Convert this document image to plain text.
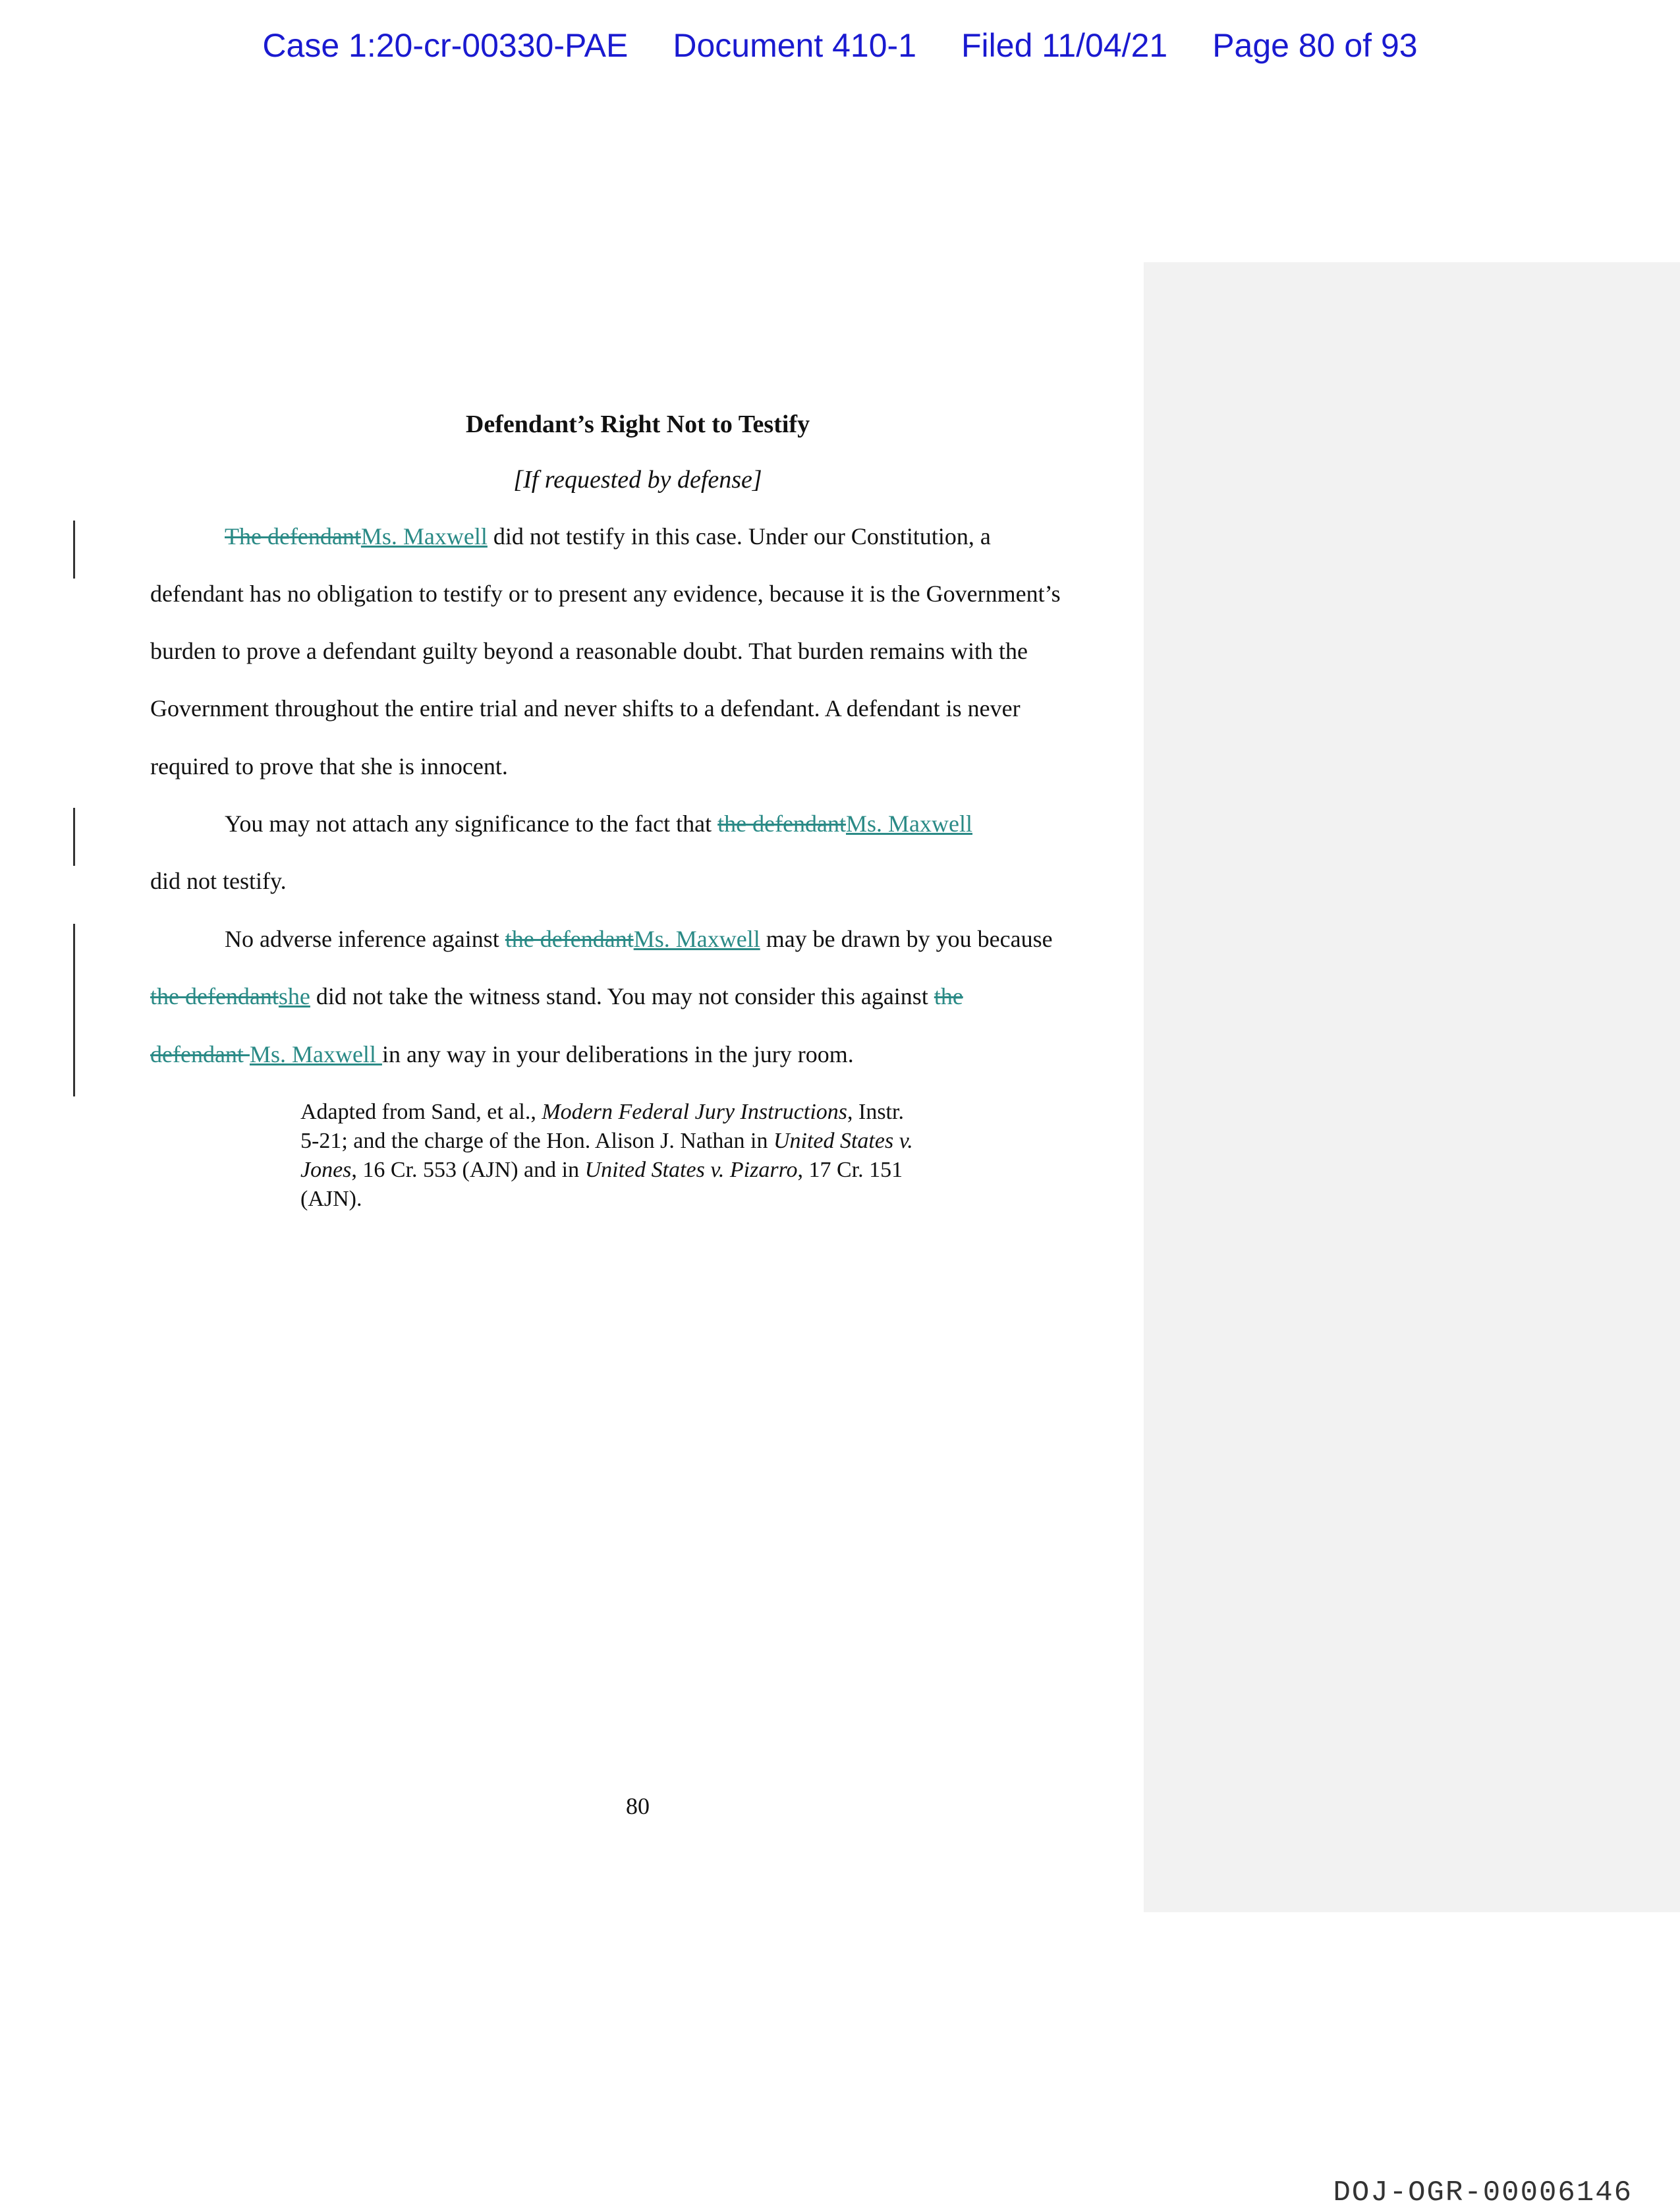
Case 1:20-cr-00330-PAE Document 410-1 Filed 11/04/21 Page 80 of 93
Defendant’s Right Not to Testify
[If requested by defense]
The defendantMs. Maxwell did not testify in this case. Under our Constitution, a
defendant has no obligation to testify or to present any evidence, because it is the Government’s
burden to prove a defendant guilty beyond a reasonable doubt. That burden remains with the
Government throughout the entire trial and never shifts to a defendant. A defendant is never
required to prove that she is innocent.
You may not attach any significance to the fact that the defendantMs. Maxwell
did not testify.
No adverse inference against the defendantMs. Maxwell may be drawn by you because
the defendantshe did not take the witness stand. You may not consider this against the
defendant Ms. Maxwell in any way in your deliberations in the jury room.
Adapted from Sand, et al., Modern Federal Jury Instructions, Instr.
5-21; and the charge of the Hon. Alison J. Nathan in United States v.
Jones, 16 Cr. 553 (AJN) and in United States v. Pizarro, 17 Cr. 151
(AJN).
80
DOJ-OGR-00006146
